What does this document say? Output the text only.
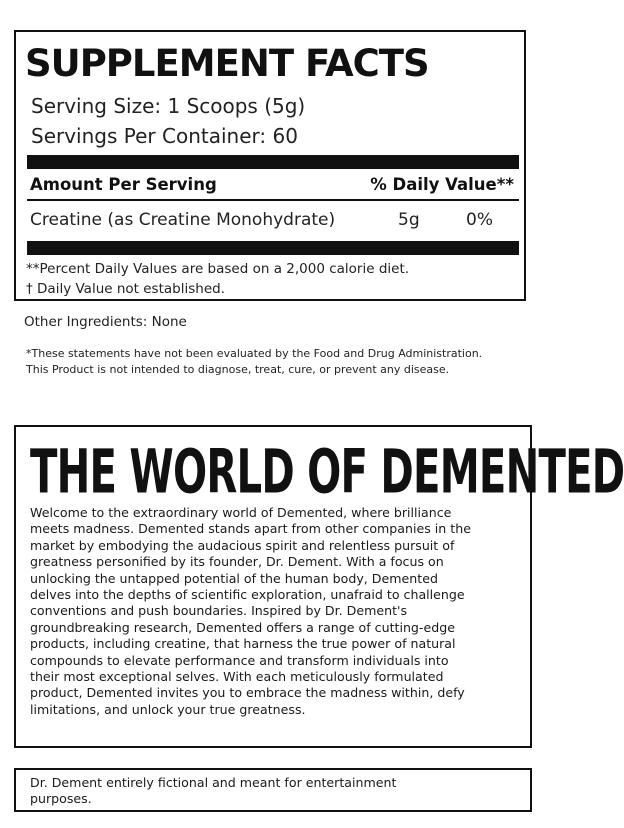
SUPPLEMENT FACTS
Serving Size: 1 Scoops (5g)
Servings Per Container: 60
Amount Per Serving	% Daily Value**
Creatine (as Creatine Monohydrate)	5g	0%
**Percent Daily Values are based on a 2,000 calorie diet.
† Daily Value not established.
Other Ingredients: None
*These statements have not been evaluated by the Food and Drug Administration.
This Product is not intended to diagnose, treat, cure, or prevent any disease.
THE WORLD OF DEMENTED
Welcome to the extraordinary world of Demented, where brilliance
meets madness. Demented stands apart from other companies in the
market by embodying the audacious spirit and relentless pursuit of
greatness personified by its founder, Dr. Dement. With a focus on
unlocking the untapped potential of the human body, Demented
delves into the depths of scientific exploration, unafraid to challenge
conventions and push boundaries. Inspired by Dr. Dement's
groundbreaking research, Demented offers a range of cutting-edge
products, including creatine, that harness the true power of natural
compounds to elevate performance and transform individuals into
their most exceptional selves. With each meticulously formulated
product, Demented invites you to embrace the madness within, defy
limitations, and unlock your true greatness.
Dr. Dement entirely fictional and meant for entertainment
purposes.
